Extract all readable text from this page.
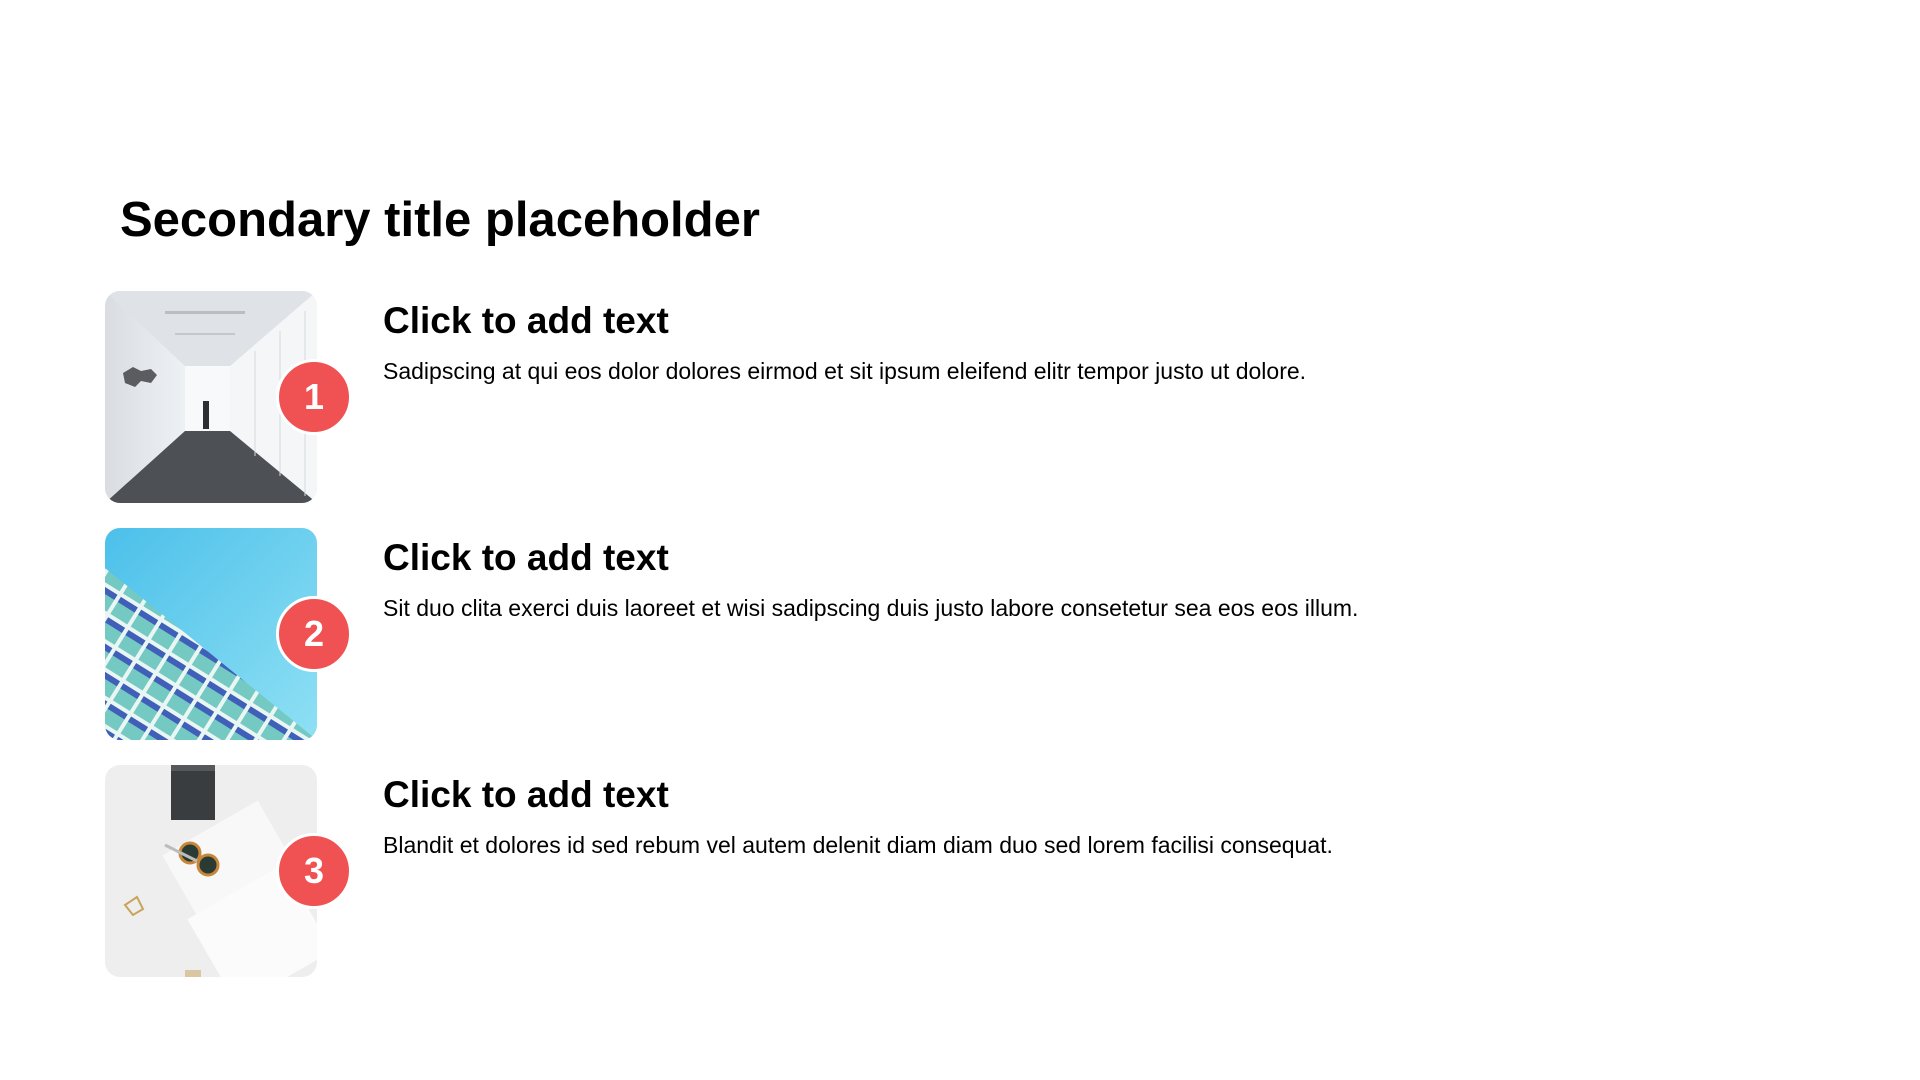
Secondary title placeholder
1
Click to add text
Sadipscing at qui eos dolor dolores eirmod et sit ipsum eleifend elitr tempor justo ut dolore.
2
Click to add text
Sit duo clita exerci duis laoreet et wisi sadipscing duis justo labore consetetur sea eos eos illum.
3
Click to add text
Blandit et dolores id sed rebum vel autem delenit diam diam duo sed lorem facilisi consequat.
